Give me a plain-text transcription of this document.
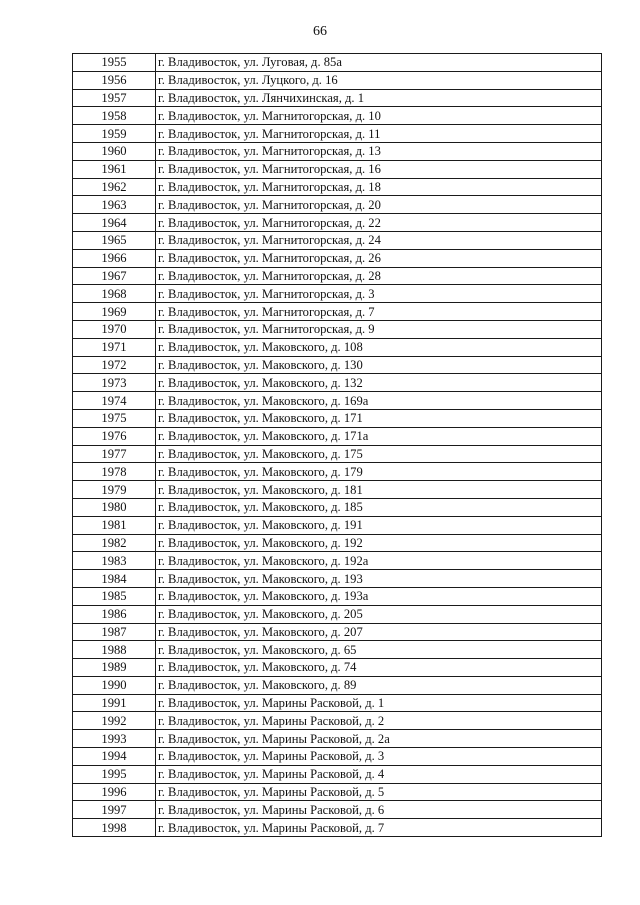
66
1955	г. Владивосток, ул. Луговая, д. 85а
1956	г. Владивосток, ул. Луцкого, д. 16
1957	г. Владивосток, ул. Лянчихинская, д. 1
1958	г. Владивосток, ул. Магнитогорская, д. 10
1959	г. Владивосток, ул. Магнитогорская, д. 11
1960	г. Владивосток, ул. Магнитогорская, д. 13
1961	г. Владивосток, ул. Магнитогорская, д. 16
1962	г. Владивосток, ул. Магнитогорская, д. 18
1963	г. Владивосток, ул. Магнитогорская, д. 20
1964	г. Владивосток, ул. Магнитогорская, д. 22
1965	г. Владивосток, ул. Магнитогорская, д. 24
1966	г. Владивосток, ул. Магнитогорская, д. 26
1967	г. Владивосток, ул. Магнитогорская, д. 28
1968	г. Владивосток, ул. Магнитогорская, д. 3
1969	г. Владивосток, ул. Магнитогорская, д. 7
1970	г. Владивосток, ул. Магнитогорская, д. 9
1971	г. Владивосток, ул. Маковского, д. 108
1972	г. Владивосток, ул. Маковского, д. 130
1973	г. Владивосток, ул. Маковского, д. 132
1974	г. Владивосток, ул. Маковского, д. 169а
1975	г. Владивосток, ул. Маковского, д. 171
1976	г. Владивосток, ул. Маковского, д. 171а
1977	г. Владивосток, ул. Маковского, д. 175
1978	г. Владивосток, ул. Маковского, д. 179
1979	г. Владивосток, ул. Маковского, д. 181
1980	г. Владивосток, ул. Маковского, д. 185
1981	г. Владивосток, ул. Маковского, д. 191
1982	г. Владивосток, ул. Маковского, д. 192
1983	г. Владивосток, ул. Маковского, д. 192а
1984	г. Владивосток, ул. Маковского, д. 193
1985	г. Владивосток, ул. Маковского, д. 193а
1986	г. Владивосток, ул. Маковского, д. 205
1987	г. Владивосток, ул. Маковского, д. 207
1988	г. Владивосток, ул. Маковского, д. 65
1989	г. Владивосток, ул. Маковского, д. 74
1990	г. Владивосток, ул. Маковского, д. 89
1991	г. Владивосток, ул. Марины Расковой, д. 1
1992	г. Владивосток, ул. Марины Расковой, д. 2
1993	г. Владивосток, ул. Марины Расковой, д. 2а
1994	г. Владивосток, ул. Марины Расковой, д. 3
1995	г. Владивосток, ул. Марины Расковой, д. 4
1996	г. Владивосток, ул. Марины Расковой, д. 5
1997	г. Владивосток, ул. Марины Расковой, д. 6
1998	г. Владивосток, ул. Марины Расковой, д. 7
